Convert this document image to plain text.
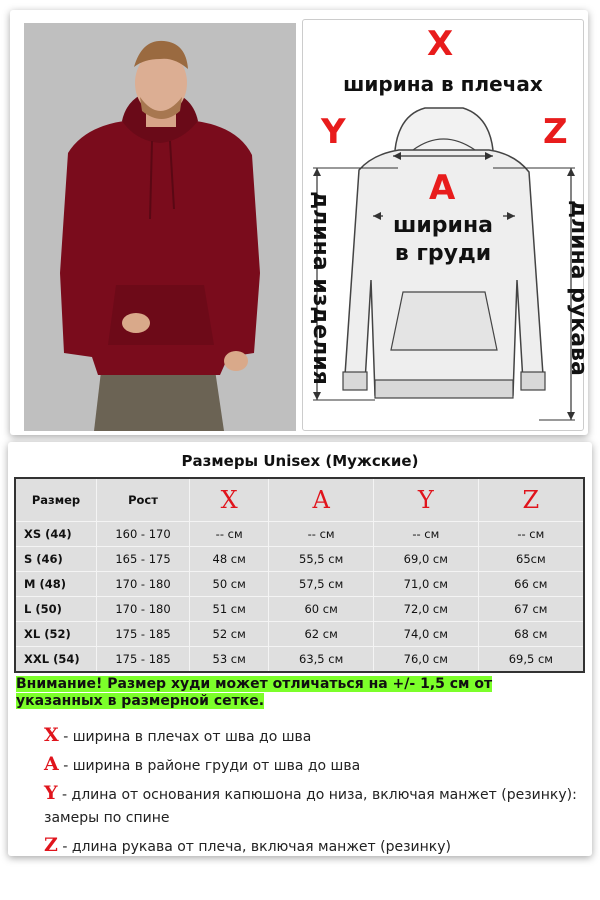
X
ширина в плечах
Y	Z
A
ширина
в груди
длина изделия	длина рукава
Размеры Unisex (Мужские)
Размер	Рост	X	A	Y	Z
XS (44)	160 - 170	-- см	-- см	-- см	-- см
S (46)	165 - 175	48 см	55,5 см	69,0 см	65см
M (48)	170 - 180	50 см	57,5 см	71,0 см	66 см
L (50)	170 - 180	51 см	60 см	72,0 см	67 см
XL (52)	175 - 185	52 см	62 см	74,0 см	68 см
XXL (54)	175 - 185	53 см	63,5 см	76,0 см	69,5 см
Внимание! Размер худи может отличаться на +/- 1,5 см от указанных в размерной сетке.
X - ширина в плечах от шва до шва
A - ширина в районе груди от шва до шва
Y - длина от основания капюшона до низа, включая манжет (резинку): замеры по спине
Z - длина рукава от плеча, включая манжет (резинку)
